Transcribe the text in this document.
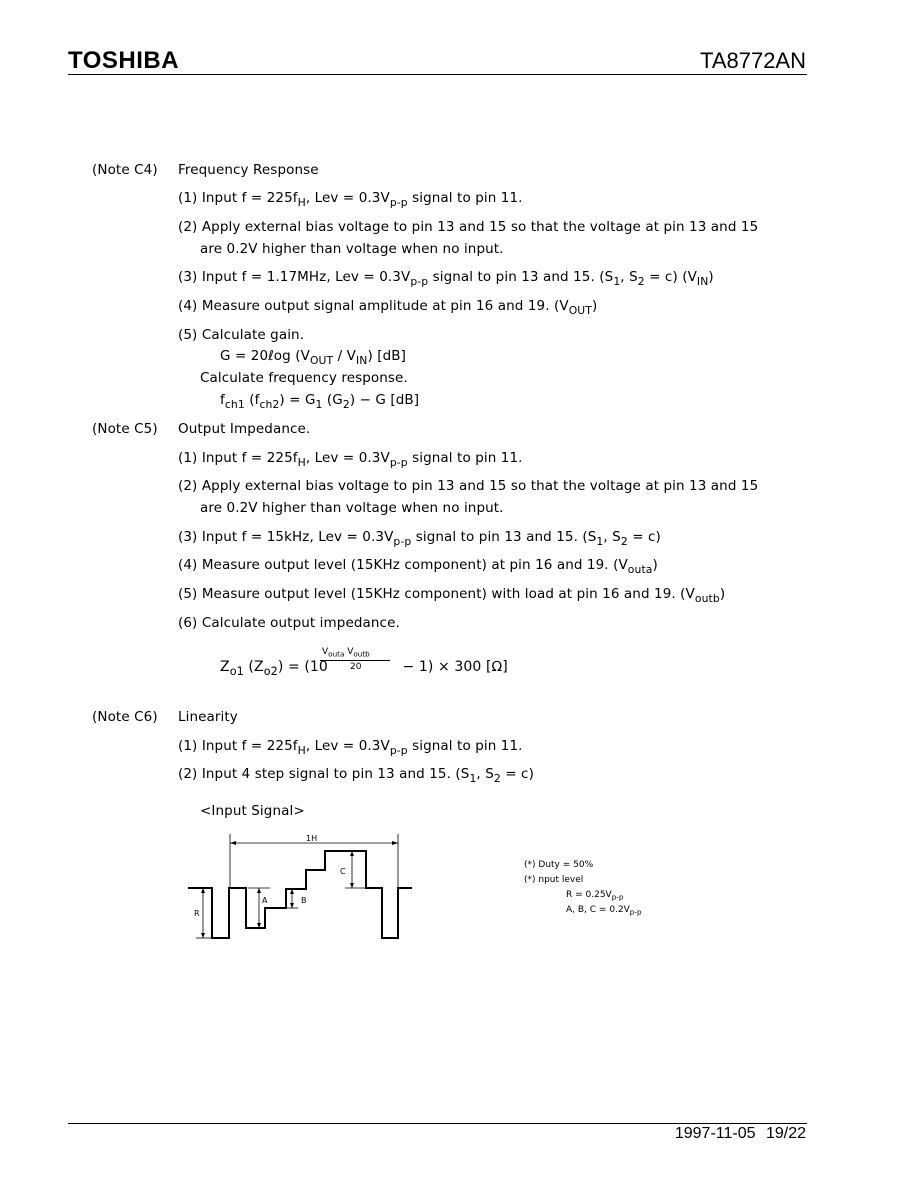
TOSHIBA	TA8772AN
(Note C4) Frequency Response
(1) Input $f = 225f_H$, Lev = $0.3V_{p-p}$ signal to pin 11.
(2) Apply external bias voltage to pin 13 and 15 so that the voltage at pin 13 and 15
are 0.2V higher than voltage when no input.
(3) Input f = 1.17MHz, Lev = $0.3V_{p-p}$ signal to pin 13 and 15. ($S_1$, $S_2 = c$) $(V_{IN})$
(4) Measure output signal amplitude at pin 16 and 19. $(V_{OUT})$
(5) Calculate gain.
G = 20ℓog $(V_{OUT} / V_{IN})$ [dB]
Calculate frequency response.
$f_{ch1}$ $(f_{ch2}) = G_1$ $(G_2) - G$ [dB]
(Note C5) Output Impedance.
(1) Input $f = 225f_H$, Lev = $0.3V_{p-p}$ signal to pin 11.
(2) Apply external bias voltage to pin 13 and 15 so that the voltage at pin 13 and 15
are 0.2V higher than voltage when no input.
(3) Input f = 15kHz, Lev = $0.3V_{p-p}$ signal to pin 13 and 15. ($S_1$, $S_2 = c$)
(4) Measure output level (15KHz component) at pin 16 and 19. $(V_{outa})$
(5) Measure output level (15KHz component) with load at pin 16 and 19. $(V_{outb})$
(6) Calculate output impedance.
$V_{outa}$ $V_{outb}$
20
$Z_{o1}$ $(Z_{o2}) = (10$	− 1) × 300 [Ω]
(Note C6) Linearity
(1) Input $f = 225f_H$, Lev = $0.3V_{p-p}$ signal to pin 11.
(2) Input 4 step signal to pin 13 and 15. ($S_1$, $S_2 = c$)
<Input Signal>
1H
R
A	B
C
(*) Duty = 50%
(*) nput level
$R = 0.25V_{p-p}$
A, B, $C = 0.2V_{p-p}$
1997-11-05 19/22
